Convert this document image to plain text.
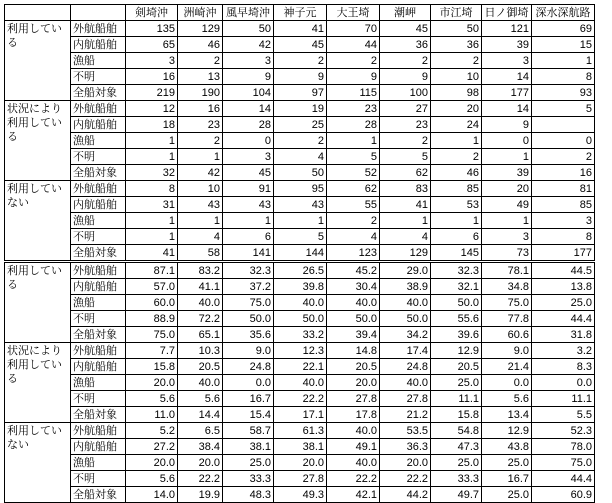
		剣埼沖	洲崎沖	風早埼沖	神子元	大王埼	潮岬	市江埼	日ノ御埼	深水深航路
利用している	外航船舶	135	129	50	41	70	45	50	121	69
	内航船舶	65	46	42	45	44	36	36	39	15
	漁船	3	2	3	2	2	2	2	3	1
	不明	16	13	9	9	9	9	10	14	8
	全船対象	219	190	104	97	115	100	98	177	93
状況により利用している	外航船舶	12	16	14	19	23	27	20	14	5
	内航船舶	18	23	28	25	28	23	24	9	
	漁船	1	2	0	2	1	2	1	0	0
	不明	1	1	3	4	5	5	2	1	2
	全船対象	32	42	45	50	52	62	46	39	16
利用していない	外航船舶	8	10	91	95	62	83	85	20	81
	内航船舶	31	43	43	43	55	41	53	49	85
	漁船	1	1	1	1	2	1	1	1	3
	不明	1	4	6	5	4	4	6	3	8
	全船対象	41	58	141	144	123	129	145	73	177
利用している	外航船舶	87.1	83.2	32.3	26.5	45.2	29.0	32.3	78.1	44.5
	内航船舶	57.0	41.1	37.2	39.8	30.4	38.9	32.1	34.8	13.8
	漁船	60.0	40.0	75.0	40.0	40.0	40.0	50.0	75.0	25.0
	不明	88.9	72.2	50.0	50.0	50.0	50.0	55.6	77.8	44.4
	全船対象	75.0	65.1	35.6	33.2	39.4	34.2	39.6	60.6	31.8
状況により利用している	外航船舶	7.7	10.3	9.0	12.3	14.8	17.4	12.9	9.0	3.2
	内航船舶	15.8	20.5	24.8	22.1	20.5	24.8	20.5	21.4	8.3
	漁船	20.0	40.0	0.0	40.0	20.0	40.0	25.0	0.0	0.0
	不明	5.6	5.6	16.7	22.2	27.8	27.8	11.1	5.6	11.1
	全船対象	11.0	14.4	15.4	17.1	17.8	21.2	15.8	13.4	5.5
利用していない	外航船舶	5.2	6.5	58.7	61.3	40.0	53.5	54.8	12.9	52.3
	内航船舶	27.2	38.4	38.1	38.1	49.1	36.3	47.3	43.8	78.0
	漁船	20.0	20.0	25.0	20.0	40.0	20.0	25.0	25.0	75.0
	不明	5.6	22.2	33.3	27.8	22.2	22.2	33.3	16.7	44.4
	全船対象	14.0	19.9	48.3	49.3	42.1	44.2	49.7	25.0	60.9
